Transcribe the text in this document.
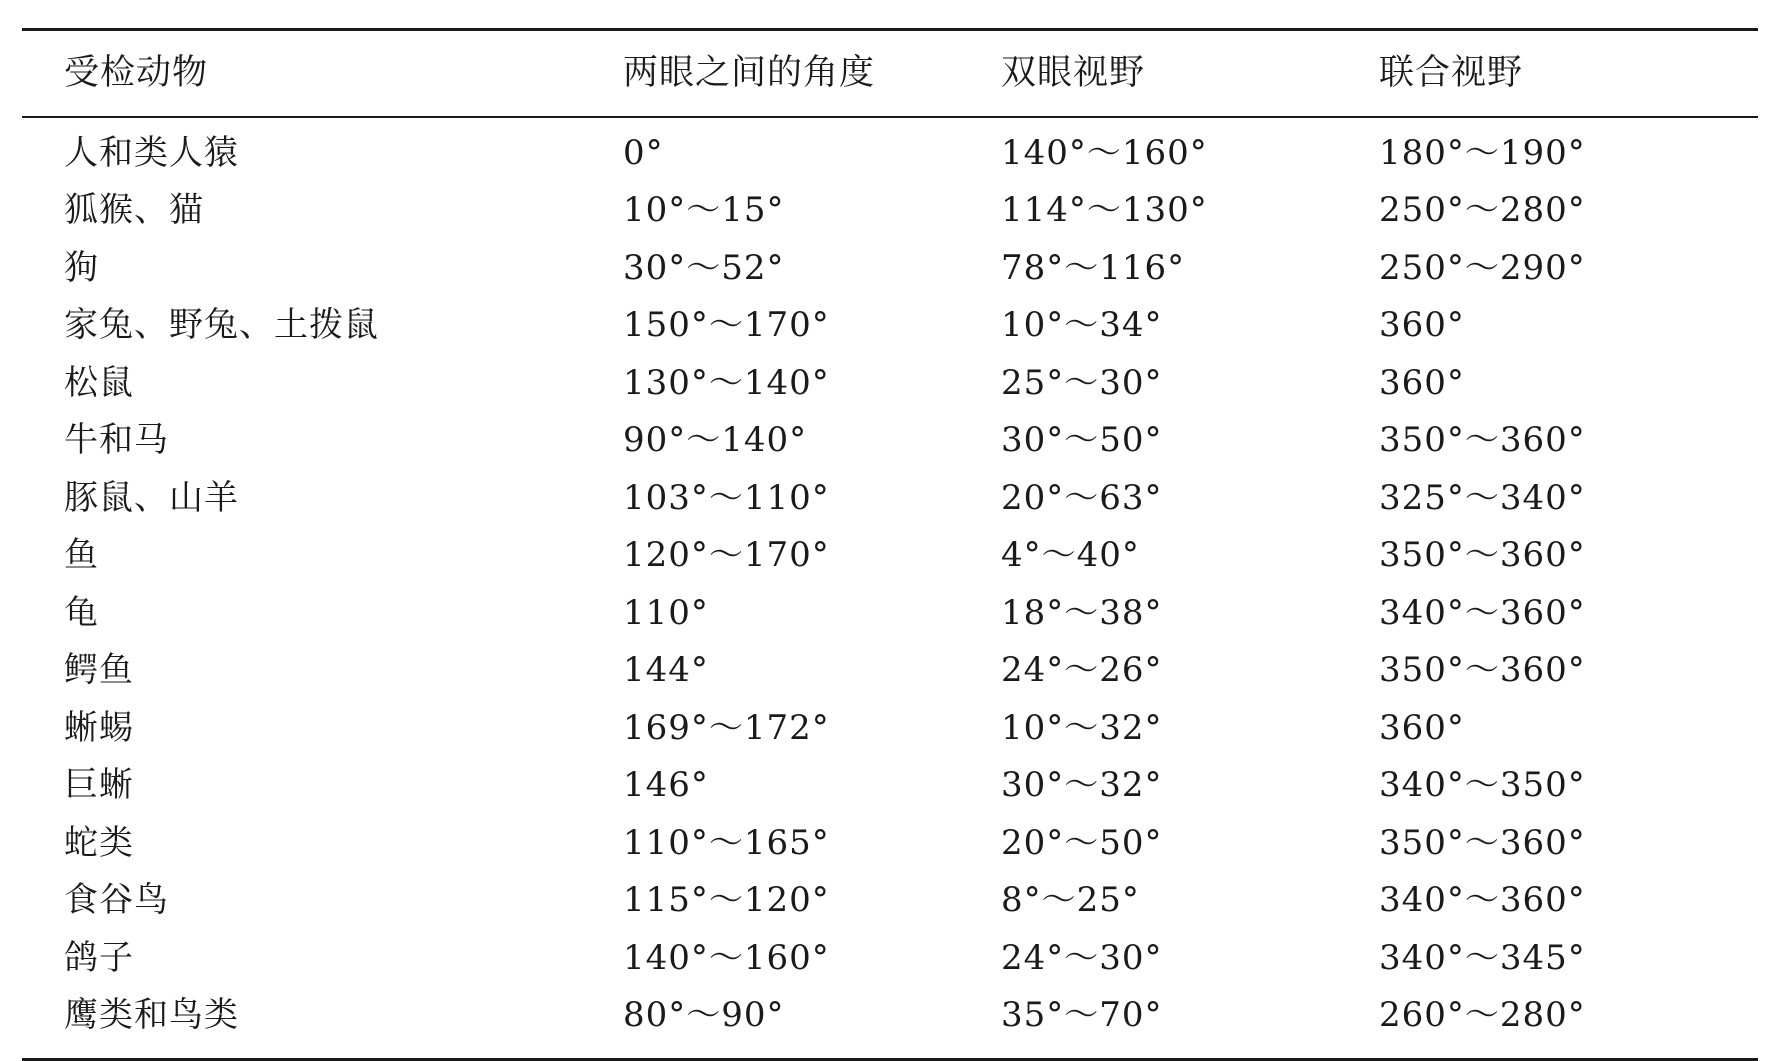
受检动物	两眼之间的角度	双眼视野	联合视野
人和类人猿	0°	140°～160°	180°～190°
狐猴、猫	10°～15°	114°～130°	250°～280°
狗	30°～52°	78°～116°	250°～290°
家兔、野兔、土拨鼠	150°～170°	10°～34°	360°
松鼠	130°～140°	25°～30°	360°
牛和马	90°～140°	30°～50°	350°～360°
豚鼠、山羊	103°～110°	20°～63°	325°～340°
鱼	120°～170°	4°～40°	350°～360°
龟	110°	18°～38°	340°～360°
鳄鱼	144°	24°～26°	350°～360°
蜥蜴	169°～172°	10°～32°	360°
巨蜥	146°	30°～32°	340°～350°
蛇类	110°～165°	20°～50°	350°～360°
食谷鸟	115°～120°	8°～25°	340°～360°
鸽子	140°～160°	24°～30°	340°～345°
鹰类和鸟类	80°～90°	35°～70°	260°～280°
